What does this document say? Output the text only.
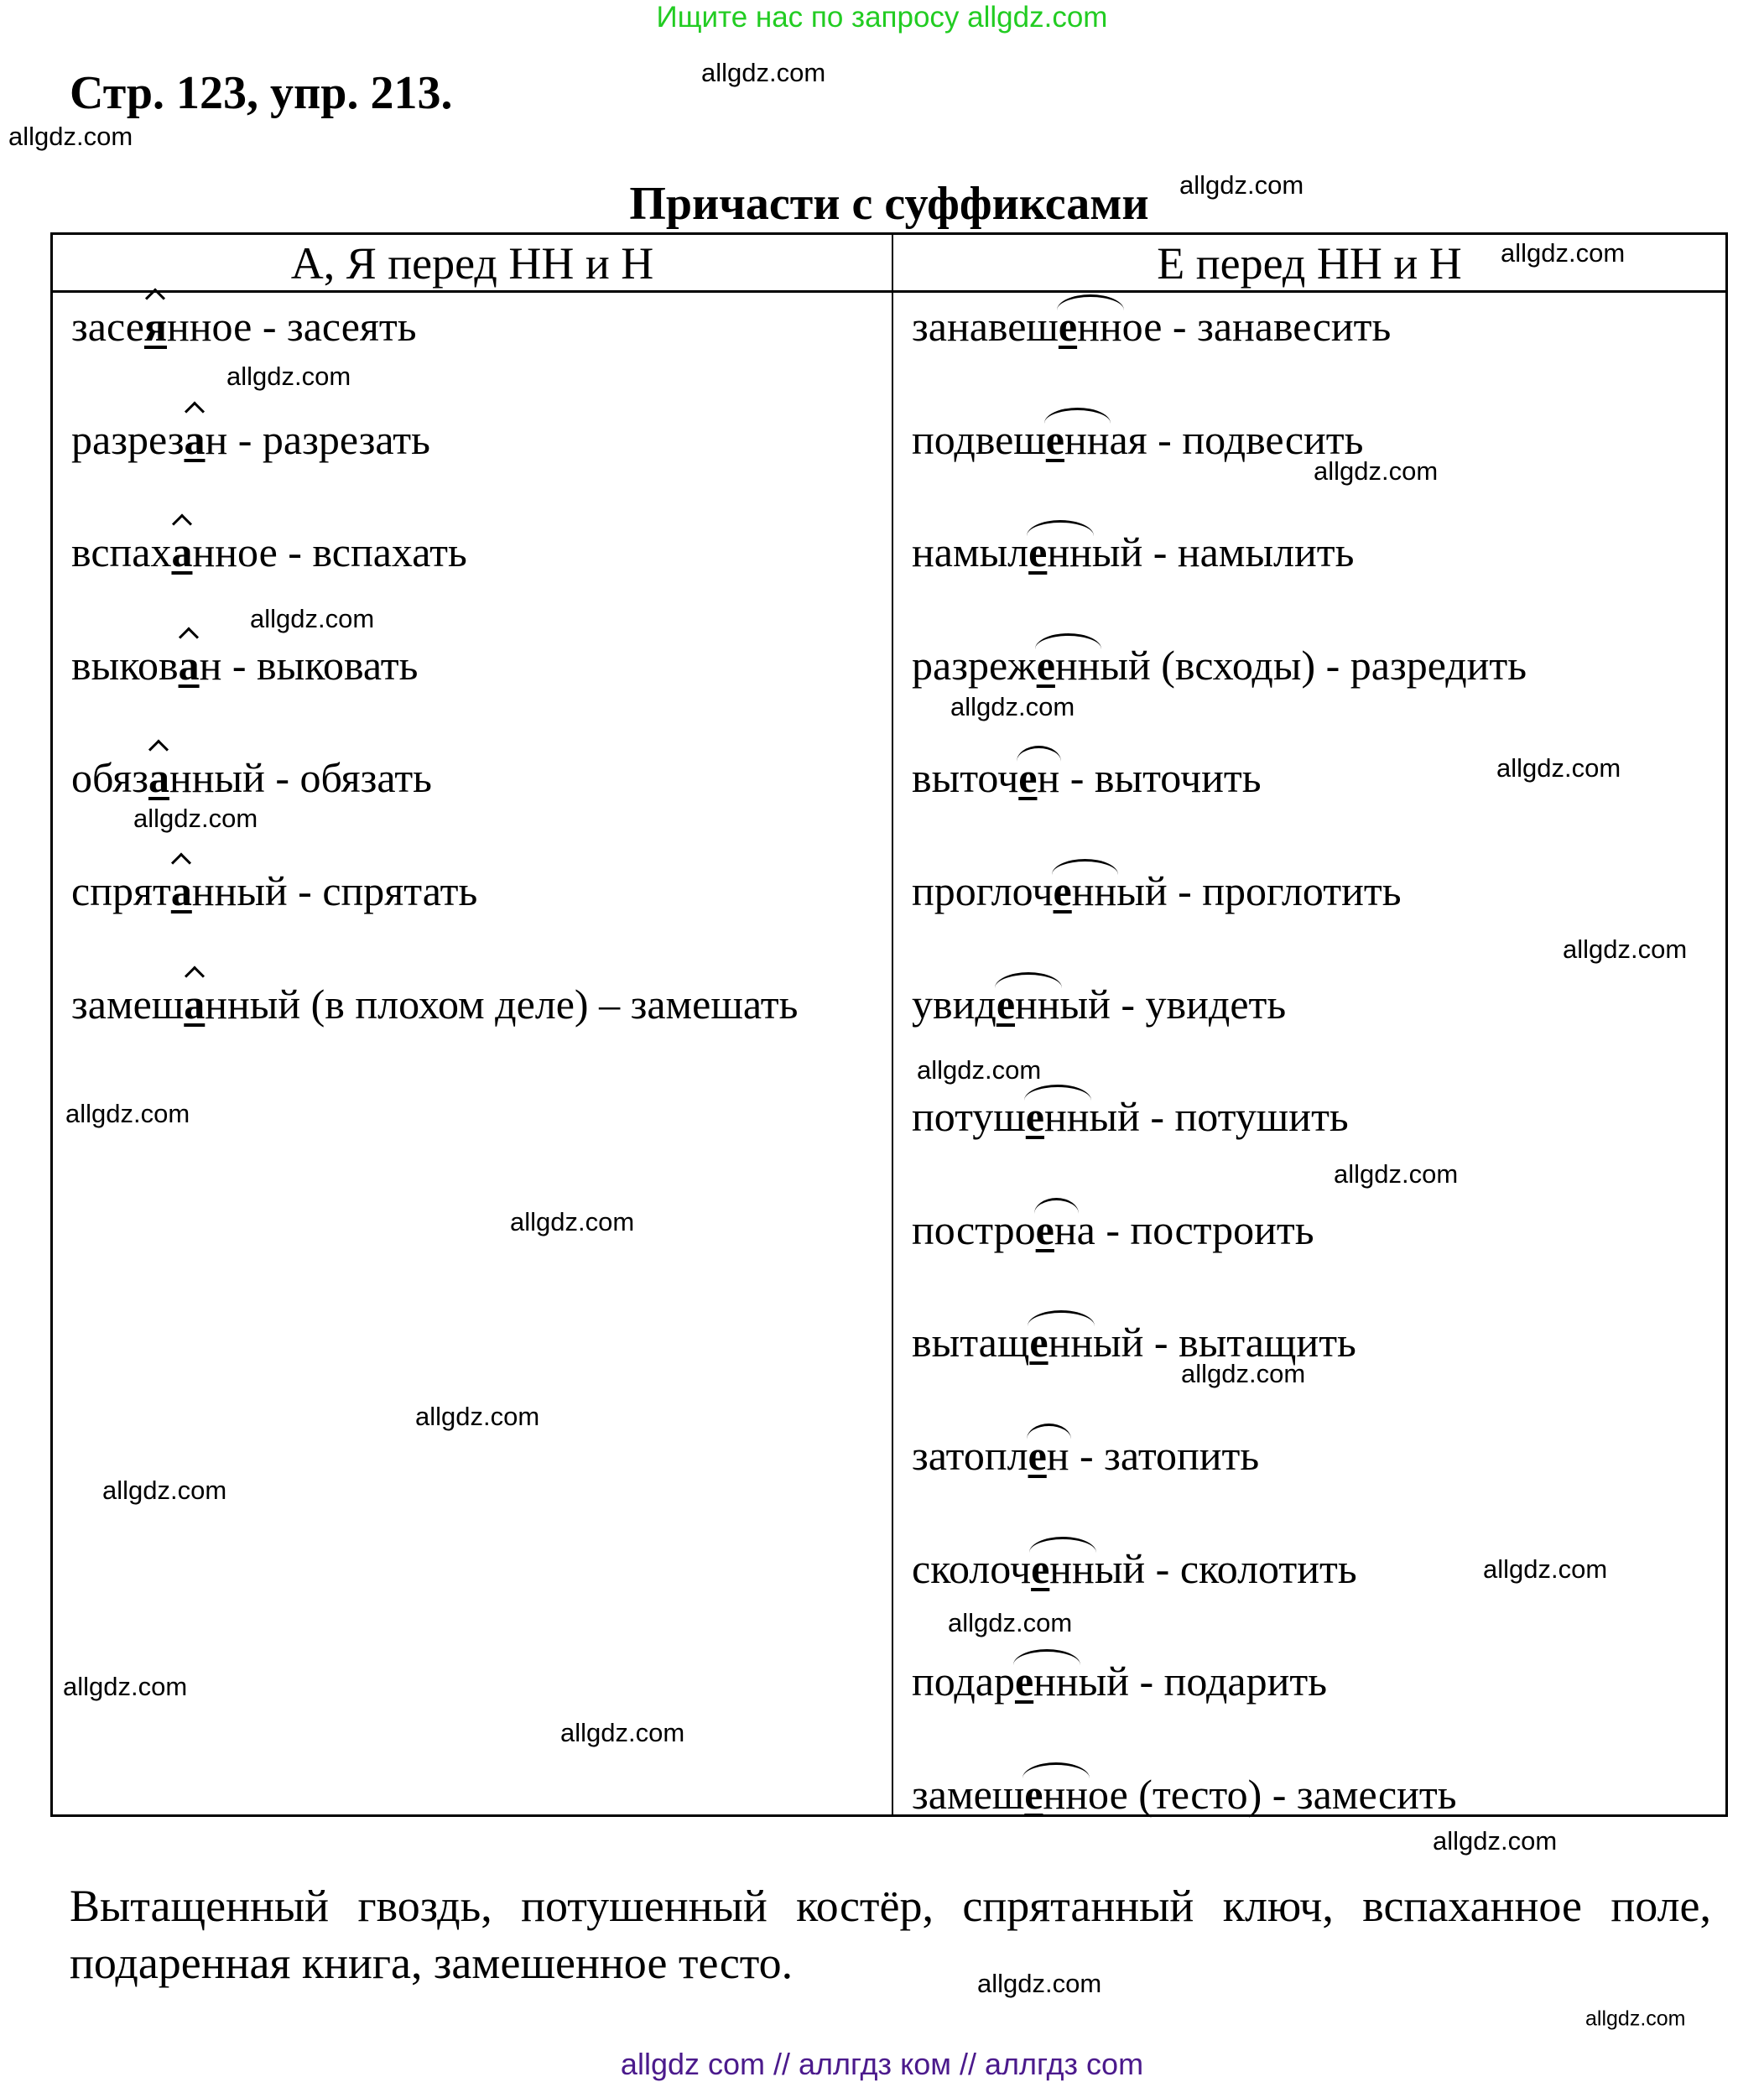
Ищите нас по запросу allgdz.com
Стр. 123, упр. 213.
Причасти с суффиксами
А, Я перед НН и Н
засеянное - засеять
разрезан - разрезать
вспаханное - вспахать
выкован - выковать
обязанный - обязать
спрятанный - спрятать
замешанный (в плохом деле) – замешать
Е перед НН и Н
занавешенное - занавесить
подвешенная - подвесить
намыленный - намылить
разреженный (всходы) - разредить
выточен - выточить
проглоченный - проглотить
увиденный - увидеть
потушенный - потушить
построена - построить
вытащенный - вытащить
затоплен - затопить
сколоченный - сколотить
подаренный - подарить
замешенное (тесто) - замесить
Вытащенный гвоздь, потушенный костёр, спрятанный ключ, вспаханное поле, подаренная книга, замешенное тесто.
allgdz com // аллгдз ком // аллгдз com
allgdz.com
allgdz.com
allgdz.com
allgdz.com
allgdz.com
allgdz.com
allgdz.com
allgdz.com
allgdz.com
allgdz.com
allgdz.com
allgdz.com
allgdz.com
allgdz.com
allgdz.com
allgdz.com
allgdz.com
allgdz.com
allgdz.com
allgdz.com
allgdz.com
allgdz.com
allgdz.com
allgdz.com
allgdz.com
